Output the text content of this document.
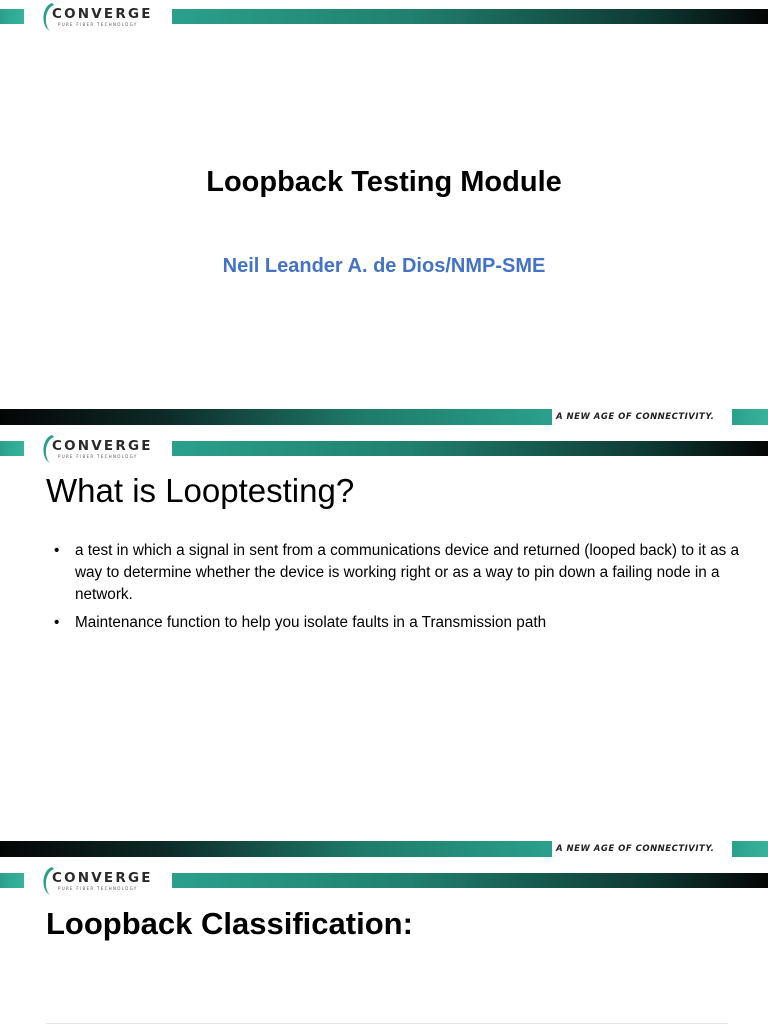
CONVERGE
PURE FIBER TECHNOLOGY
Loopback Testing Module
Neil Leander A. de Dios/NMP-SME
A NEW AGE OF CONNECTIVITY.
CONVERGE
PURE FIBER TECHNOLOGY
What is Looptesting?
• a test in which a signal in sent from a communications device and returned (looped back) to it as a way to determine whether the device is working right or as a way to pin down a failing node in a network.
• Maintenance function to help you isolate faults in a Transmission path
A NEW AGE OF CONNECTIVITY.
CONVERGE
PURE FIBER TECHNOLOGY
Loopback Classification:
